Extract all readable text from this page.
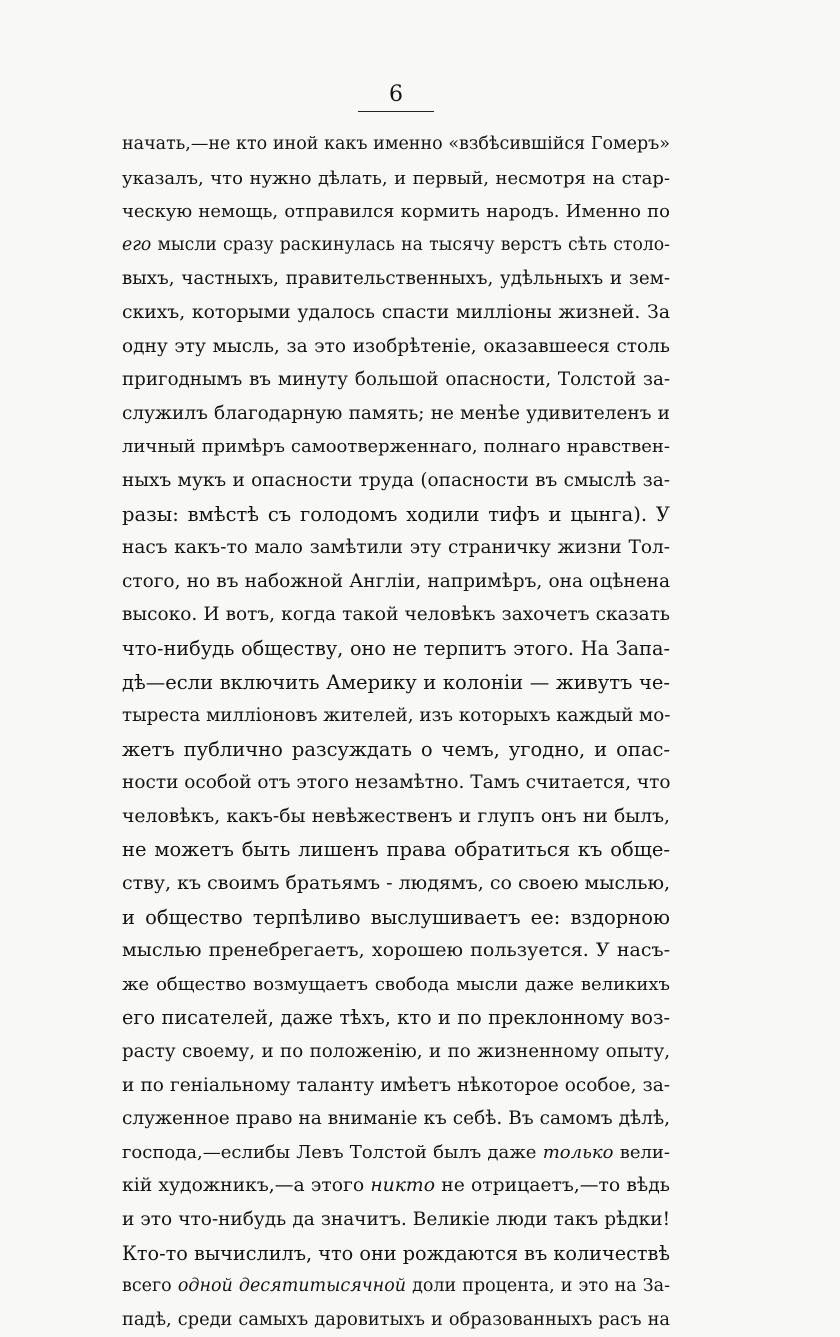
6
начать,—не кто иной какъ именно «взбѣсившійся Гомеръ»
указалъ, что нужно дѣлать, и первый, несмотря на стар-
ческую немощь, отправился кормить народъ. Именно по
его мысли сразу раскинулась на тысячу верстъ сѣть столо-
выхъ, частныхъ, правительственныхъ, удѣльныхъ и зем-
скихъ, которыми удалось спасти милліоны жизней. За
одну эту мысль, за это изобрѣтеніе, оказавшееся столь
пригоднымъ въ минуту большой опасности, Толстой за-
служилъ благодарную память; не менѣе удивителенъ и
личный примѣръ самоотверженнаго, полнаго нравствен-
ныхъ мукъ и опасности труда (опасности въ смыслѣ за-
разы: вмѣстѣ съ голодомъ ходили тифъ и цынга). У
насъ какъ-то мало замѣтили эту страничку жизни Тол-
стого, но въ набожной Англіи, напримѣръ, она оцѣнена
высоко. И вотъ, когда такой человѣкъ захочетъ сказать
что-нибудь обществу, оно не терпитъ этого. На Запа-
дѣ—если включить Америку и колоніи — живутъ че-
тыреста милліоновъ жителей, изъ которыхъ каждый мо-
жетъ публично разсуждать о чемъ, угодно, и опас-
ности особой отъ этого незамѣтно. Тамъ считается, что
человѣкъ, какъ-бы невѣжественъ и глупъ онъ ни былъ,
не можетъ быть лишенъ права обратиться къ обще-
ству, къ своимъ братьямъ - людямъ, со своею мыслью,
и общество терпѣливо выслушиваетъ ее: вздорною
мыслью пренебрегаетъ, хорошею пользуется. У насъ-
же общество возмущаетъ свобода мысли даже великихъ
его писателей, даже тѣхъ, кто и по преклонному воз-
расту своему, и по положенію, и по жизненному опыту,
и по геніальному таланту имѣетъ нѣкоторое особое, за-
служенное право на вниманіе къ себѣ. Въ самомъ дѣлѣ,
господа,—еслибы Левъ Толстой былъ даже только вели-
кій художникъ,—а этого никто не отрицаетъ,—то вѣдь
и это что-нибудь да значитъ. Великіе люди такъ рѣдки!
Кто-то вычислилъ, что они рождаются въ количествѣ
всего одной десятитысячной доли процента, и это на За-
падѣ, среди самыхъ даровитыхъ и образованныхъ расъ на
